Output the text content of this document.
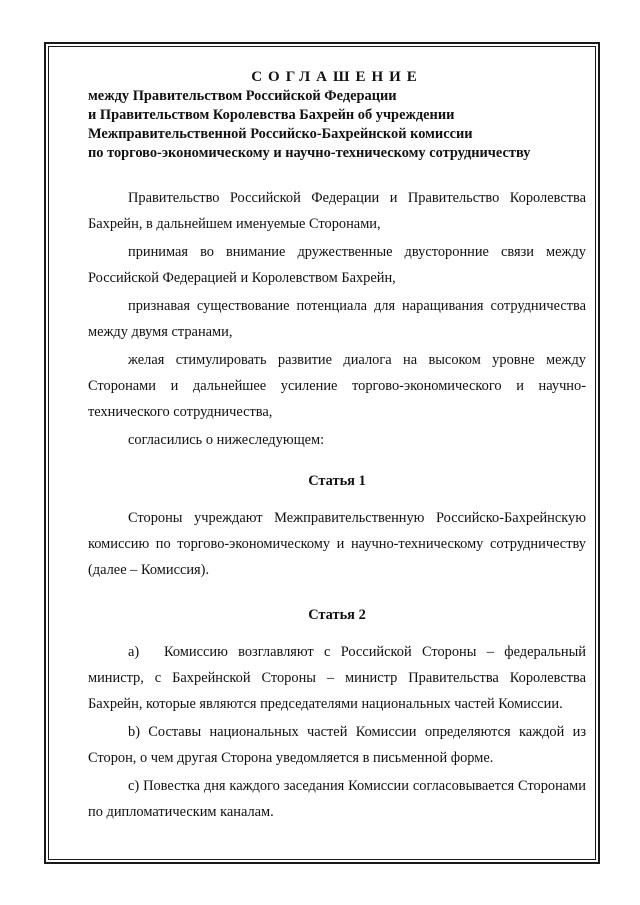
СОГЛАШЕНИЕ

между Правительством Российской Федерации

и Правительством Королевства Бахрейн об учреждении

Межправительственной Российско-Бахрейнской комиссии

по торгово-экономическому и научно-техническому сотрудничеству

Правительство Российской Федерации и Правительство Королевства Бахрейн, в дальнейшем именуемые Сторонами,

принимая во внимание дружественные двусторонние связи между Российской Федерацией и Королевством Бахрейн,

признавая существование потенциала для наращивания сотрудничества между двумя странами,

желая стимулировать развитие диалога на высоком уровне между Сторонами и дальнейшее усиление торгово-экономического и научно-технического сотрудничества,

согласились о нижеследующем:

Статья 1

Стороны учреждают Межправительственную Российско-Бахрейнскую комиссию по торгово-экономическому и научно-техническому сотрудничеству (далее – Комиссия).

Статья 2

a) Комиссию возглавляют с Российской Стороны – федеральный министр, с Бахрейнской Стороны – министр Правительства Королевства Бахрейн, которые являются председателями национальных частей Комиссии.

b) Составы национальных частей Комиссии определяются каждой из Сторон, о чем другая Сторона уведомляется в письменной форме.

c) Повестка дня каждого заседания Комиссии согласовывается Сторонами по дипломатическим каналам.
